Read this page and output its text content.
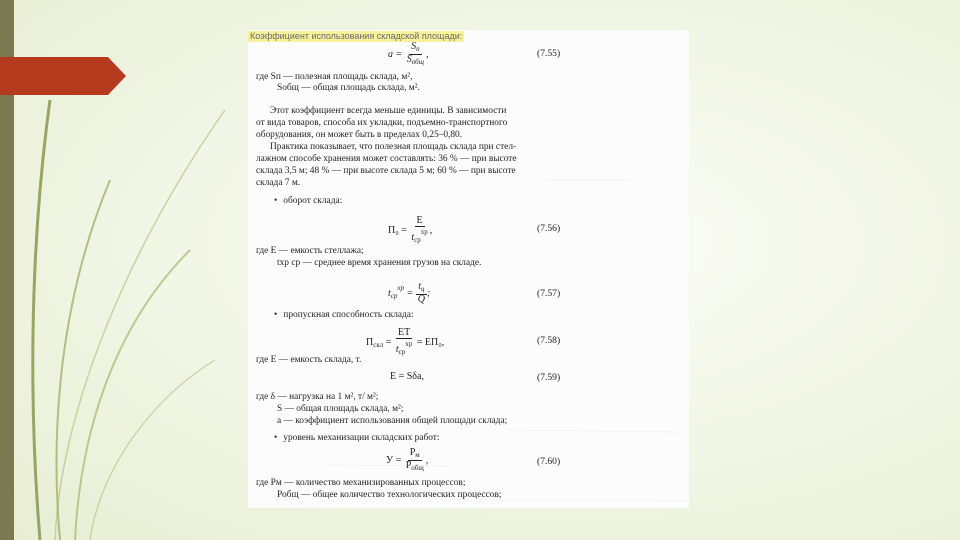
Коэффициент использования складской площади:
$а = \frac{S_п}{S_{общ}}$ ,	(7.55)
где Sп — полезная площадь склада, м²,
Sобщ — общая площадь склада, м².
Этот коэффициент всегда меньше единицы. В зависимости
от вида товаров, способа их укладки, подъемно-транспортного
оборудования, он может быть в пределах 0,25–0,80.
Практика показывает, что полезная площадь склада при стел-
лажном способе хранения может составлять: 36 % — при высоте
склада 3,5 м; 48 % — при высоте склада 5 м; 60 % — при высоте
склада 7 м.
• оборот склада:
$П_0 = \frac{Е}{t_{ср}^{хр}}$ ,	(7.56)
где Е — емкость стеллажа;
tхр ср — среднее время хранения грузов на складе.
$t_{ср}^{хр} = \frac{t_ц}{Q}$ ;	(7.57)
• пропускная способность склада:
$П_{скл} = \frac{ЕТ}{t_{ср}^{хр}} = ЕП_0$,	(7.58)
где Е — емкость склада, т.
Е = Sδа,	(7.59)
где δ — нагрузка на 1 м², т/ м²;
S — общая площадь склада, м²;
а — коэффициент использования общей площади склада;
• уровень механизации складских работ:
$У = \frac{Р_м}{Р_{общ}}$ ,	(7.60)
где Рм — количество механизированных процессов;
Робщ — общее количество технологических процессов;
